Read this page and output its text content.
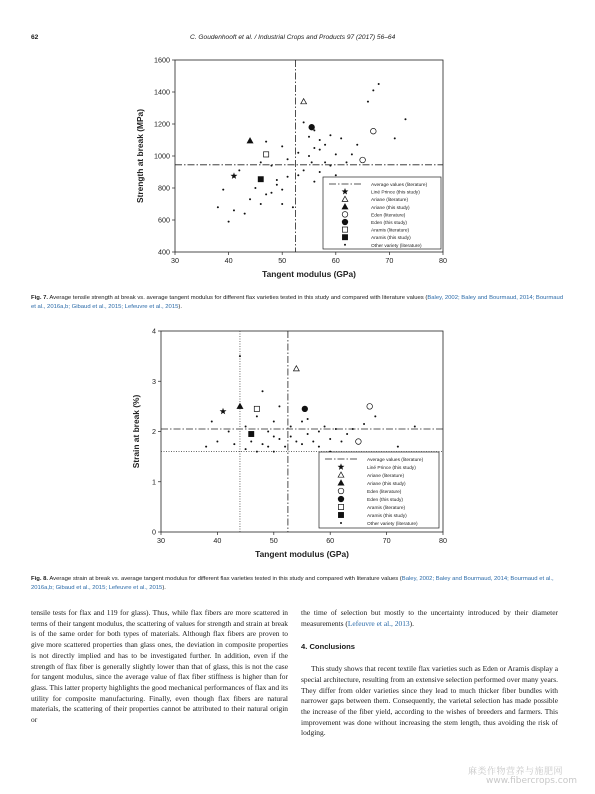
62	C. Goudenhooft et al. / Industrial Crops and Products 97 (2017) 56–64
30	40	50	60	70	80
400
600
800
1000
1200
1400
1600
Tangent modulus (GPa)
Strength at break (MPa)	Average values (literature)
Liné Prince (this study)
Ariane (literature)
Ariane (this study)
Eden (literature)
Eden (this study)
Aramis (literature)
Aramis (this study)
Other variety (literature)
Fig. 7. Average tensile strength at break vs. average tangent modulus for different flax varieties tested in this study and compared with literature values (Baley, 2002; Baley and Bourmaud, 2014; Bourmaud et al., 2016a,b; Gibaud et al., 2015; Lefeuvre et al., 2015).
30	40	50	60	70	80
0
1
2
3
4
Tangent modulus (GPa)
Strain at break (%)	Average values (literature)
Liné Prince (this study)
Ariane (literature)
Ariane (this study)
Eden (literature)
Eden (this study)
Aramis (literature)
Aramis (this study)
Other variety (literature)
Fig. 8. Average strain at break vs. average tangent modulus for different flax varieties tested in this study and compared with literature values (Baley, 2002; Baley and Bourmaud, 2014; Bourmaud et al., 2016a,b; Gibaud et al., 2015; Lefeuvre et al., 2015).

tensile tests for flax and 119 for glass). Thus, while flax fibers are more scattered in terms of their tangent modulus, the scattering of values for strength and strain at break is of the same order for both types of materials. Although flax fibers are proven to give more scattered properties than glass ones, the deviation in composite properties is not directly implied and has to be investigated further. In addition, even if the strength of flax fiber is generally slightly lower than that of glass, this is not the case for tangent modulus, since the average value of flax fiber stiffness is higher than for glass. This latter property highlights the good mechanical performances of flax and its utility for composite manufacturing. Finally, even though flax fibers are natural materials, the scattering of their properties cannot be attributed to their natural origin or

the time of selection but mostly to the uncertainty introduced by their diameter measurements (Lefeuvre et al., 2013).

4. Conclusions

This study shows that recent textile flax varieties such as Eden or Aramis display a special architecture, resulting from an extensive selection performed over many years. They differ from older varieties since they lead to much thicker fiber bundles with narrower gaps between them. Consequently, the varietal selection has made possible the increase of the fiber yield, according to the wishes of breeders and farmers. This improvement was done without increasing the stem length, thus avoiding the risk of lodging.

麻类作物营养与施肥网
www.fibercrops.com
